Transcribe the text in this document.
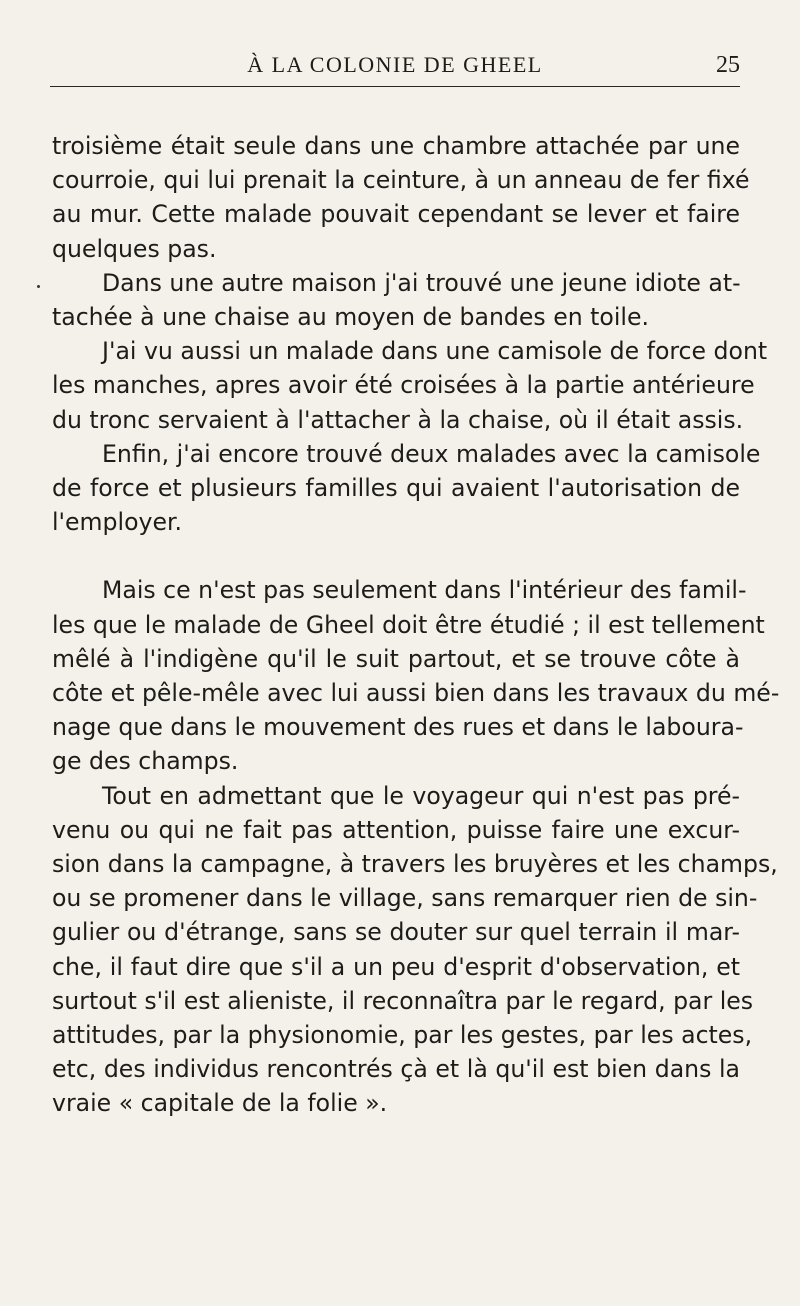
À LA COLONIE DE GHEEL	25

troisième était seule dans une chambre attachée par une
courroie, qui lui prenait la ceinture, à un anneau de fer fixé
au mur. Cette malade pouvait cependant se lever et faire
quelques pas.

Dans une autre maison j'ai trouvé une jeune idiote at-
tachée à une chaise au moyen de bandes en toile.

J'ai vu aussi un malade dans une camisole de force dont
les manches, apres avoir été croisées à la partie antérieure
du tronc servaient à l'attacher à la chaise, où il était assis.

Enfin, j'ai encore trouvé deux malades avec la camisole
de force et plusieurs familles qui avaient l'autorisation de
l'employer.

Mais ce n'est pas seulement dans l'intérieur des famil-
les que le malade de Gheel doit être étudié ; il est tellement
mêlé à l'indigène qu'il le suit partout, et se trouve côte à
côte et pêle-mêle avec lui aussi bien dans les travaux du mé-
nage que dans le mouvement des rues et dans le laboura-
ge des champs.

Tout en admettant que le voyageur qui n'est pas pré-
venu ou qui ne fait pas attention, puisse faire une excur-
sion dans la campagne, à travers les bruyères et les champs,
ou se promener dans le village, sans remarquer rien de sin-
gulier ou d'étrange, sans se douter sur quel terrain il mar-
che, il faut dire que s'il a un peu d'esprit d'observation, et
surtout s'il est alieniste, il reconnaîtra par le regard, par les
attitudes, par la physionomie, par les gestes, par les actes,
etc, des individus rencontrés çà et là qu'il est bien dans la
vraie « capitale de la folie ».
